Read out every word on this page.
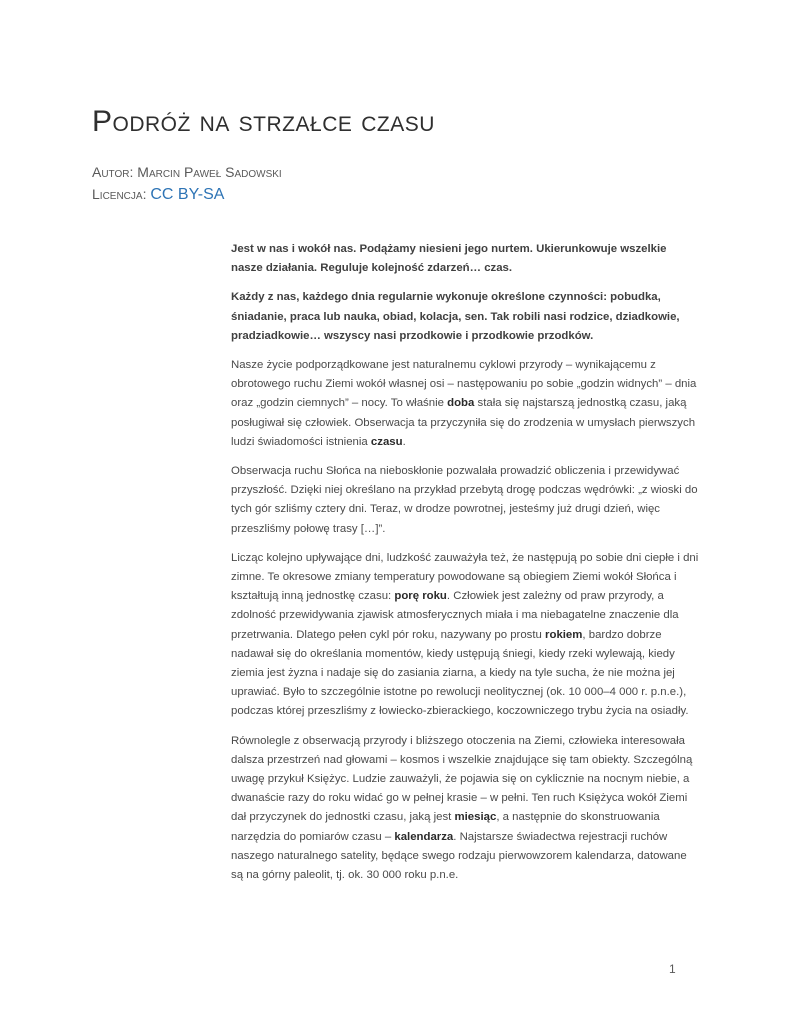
Podróż na strzałce czasu
Autor: Marcin Paweł Sadowski
Licencja: CC BY-SA

Jest w nas i wokół nas. Podążamy niesieni jego nurtem. Ukierunkowuje wszelkie nasze działania. Reguluje kolejność zdarzeń… czas.

Każdy z nas, każdego dnia regularnie wykonuje określone czynności: pobudka, śniadanie, praca lub nauka, obiad, kolacja, sen. Tak robili nasi rodzice, dziadkowie, pradziadkowie… wszyscy nasi przodkowie i przodkowie przodków.

Nasze życie podporządkowane jest naturalnemu cyklowi przyrody – wynikającemu z obrotowego ruchu Ziemi wokół własnej osi – następowaniu po sobie „godzin widnych” – dnia oraz „godzin ciemnych” – nocy. To właśnie doba stała się najstarszą jednostką czasu, jaką posługiwał się człowiek. Obserwacja ta przyczyniła się do zrodzenia w umysłach pierwszych ludzi świadomości istnienia czasu.

Obserwacja ruchu Słońca na nieboskłonie pozwalała prowadzić obliczenia i przewidywać przyszłość. Dzięki niej określano na przykład przebytą drogę podczas wędrówki: „z wioski do tych gór szliśmy cztery dni. Teraz, w drodze powrotnej, jesteśmy już drugi dzień, więc przeszliśmy połowę trasy […]”.

Licząc kolejno upływające dni, ludzkość zauważyła też, że następują po sobie dni ciepłe i dni zimne. Te okresowe zmiany temperatury powodowane są obiegiem Ziemi wokół Słońca i kształtują inną jednostkę czasu: porę roku. Człowiek jest zależny od praw przyrody, a zdolność przewidywania zjawisk atmosferycznych miała i ma niebagatelne znaczenie dla przetrwania. Dlatego pełen cykl pór roku, nazywany po prostu rokiem, bardzo dobrze nadawał się do określania momentów, kiedy ustępują śniegi, kiedy rzeki wylewają, kiedy ziemia jest żyzna i nadaje się do zasiania ziarna, a kiedy na tyle sucha, że nie można jej uprawiać. Było to szczególnie istotne po rewolucji neolitycznej (ok. 10 000–4 000 r. p.n.e.), podczas której przeszliśmy z łowiecko-zbierackiego, koczowniczego trybu życia na osiadły.

Równolegle z obserwacją przyrody i bliższego otoczenia na Ziemi, człowieka interesowała dalsza przestrzeń nad głowami – kosmos i wszelkie znajdujące się tam obiekty. Szczególną uwagę przykuł Księżyc. Ludzie zauważyli, że pojawia się on cyklicznie na nocnym niebie, a dwanaście razy do roku widać go w pełnej krasie – w pełni. Ten ruch Księżyca wokół Ziemi dał przyczynek do jednostki czasu, jaką jest miesiąc, a następnie do skonstruowania narzędzia do pomiarów czasu – kalendarza. Najstarsze świadectwa rejestracji ruchów naszego naturalnego satelity, będące swego rodzaju pierwowzorem kalendarza, datowane są na górny paleolit, tj. ok. 30 000 roku p.n.e.

1
